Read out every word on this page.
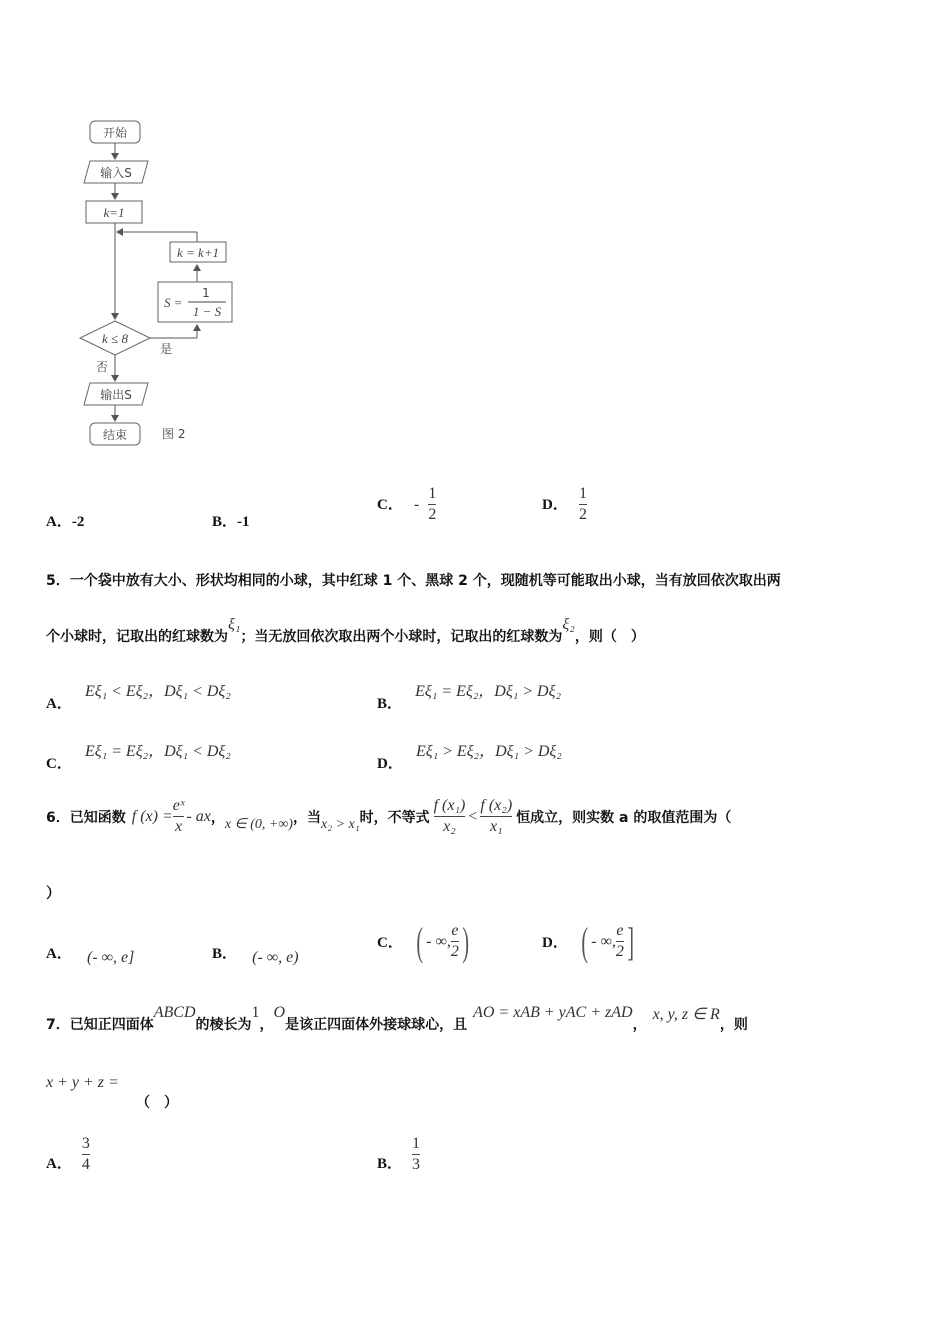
开始
输入S
k=1
k = k+1
S =
1
1 − S
k ≤ 8
是
否
输出S
结束	图 2
A．-2	B．-1
C． - $\frac{1}{2}$	D． $\frac{1}{2}$
5．一个袋中放有大小、形状均相同的小球，其中红球 1 个、黑球 2 个，现随机等可能取出小球，当有放回依次取出两
个小球时，记取出的红球数为ξ₁；当无放回依次取出两个小球时，记取出的红球数为ξ₂，则（　）
A． Eξ₁ < Eξ₂，Dξ₁ < Dξ₂
B． Eξ₁ = Eξ₂，Dξ₁ > Dξ₂
C． Eξ₁ = Eξ₂，Dξ₁ < Dξ₂
D． Eξ₁ > Eξ₂，Dξ₁ > Dξ₂
6．已知函数 f $(x) = \frac{\text{eˣ}}{x}$ - ax ， x ∈ (0, +∞) ，当 x₂ > x₁ 时，不等式 $\frac{\text{f (x₁)}}{\text{x₂}} < \frac{\text{f (x₂)}}{\text{x₁}}$ 恒成立，则实数 a 的取值范围为（
）
A． (- ∞, e]	B． (- ∞, e)
C． ( - ∞, $\frac{e}{2}$ )	D． ( - ∞, $\frac{e}{2}$ ]
7．已知正四面体
ABCD
的棱长为
1
，
O
是该正四面体外接球球心，且
AO = xAB + yAC + zAD
，
x, y, z ∈ R
，则
x + y + z =
（　）
A． $\frac{3}{4}$	B． $\frac{1}{3}$
